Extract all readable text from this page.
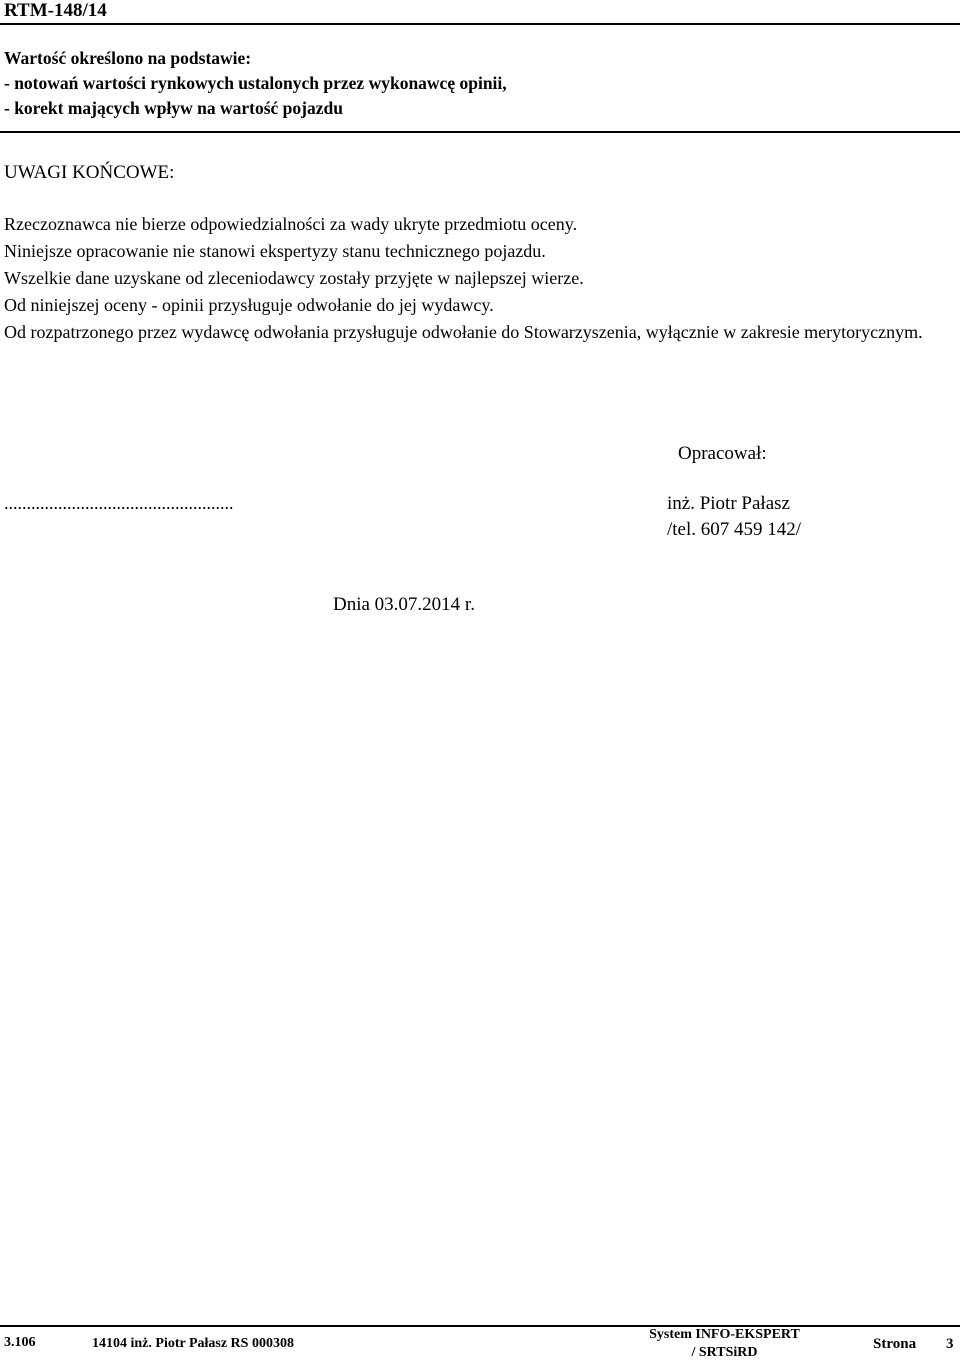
RTM-148/14
Wartość określono na podstawie:
- notowań wartości rynkowych ustalonych przez wykonawcę opinii,
- korekt mających wpływ na wartość pojazdu
UWAGI KOŃCOWE:

Rzeczoznawca nie bierze odpowiedzialności za wady ukryte przedmiotu oceny.

Niniejsze opracowanie nie stanowi ekspertyzy stanu technicznego pojazdu.

Wszelkie dane uzyskane od zleceniodawcy zostały przyjęte w najlepszej wierze.

Od niniejszej oceny - opinii przysługuje odwołanie do jej wydawcy.

Od rozpatrzonego przez wydawcę odwołania przysługuje odwołanie do Stowarzyszenia, wyłącznie w zakresie merytorycznym.

Opracował:
...................................................	inż. Piotr Pałasz
/tel. 607 459 142/
Dnia 03.07.2014 r.
3.106	14104 inż. Piotr Pałasz RS 000308
System INFO-EKSPERT
/ SRTSiRD
Strona 3
